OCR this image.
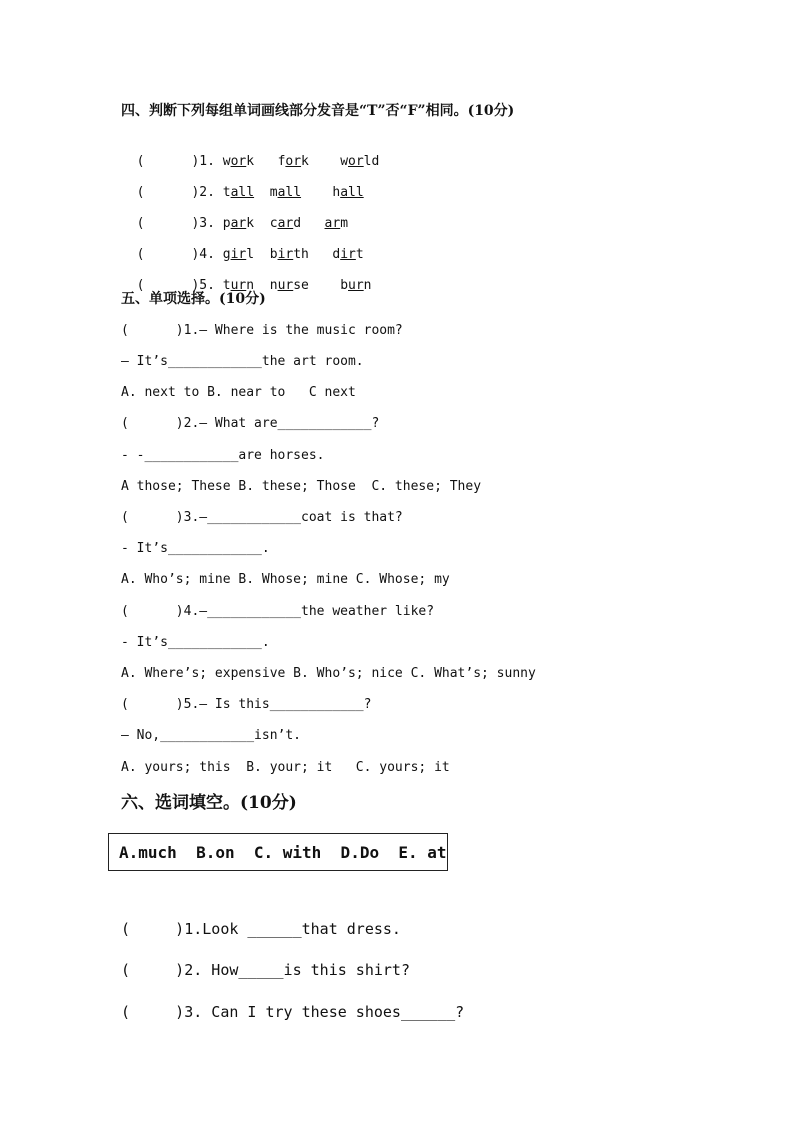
四、判断下列每组单词画线部分发音是“T”否“F”相同。(10分)

(      )1. work fork world

(      )2. tall mall hall

(      )3. park card arm

(      )4. girl birth dirt

(      )5. turn nurse burn

五、单项选择。(10分)
(      )1.— Where is the music room?
— It’s____________the art room.
A. next to B. near to   C next
(      )2.— What are____________?
- -____________are horses.
A those; These B. these; Those  C. these; They
(      )3.—____________coat is that?
- It’s____________.
A. Who’s; mine B. Whose; mine C. Whose; my
(      )4.—____________the weather like?
- It’s____________.
A. Where’s; expensive B. Who’s; nice C. What’s; sunny
(      )5.— Is this____________?
— No,____________isn’t.
A. yours; this  B. your; it   C. yours; it
六、选词填空。(10分)
A.much  B.on  C. with  D.Do  E. at
(     )1.Look ______that dress.
(     )2. How_____is this shirt?
(     )3. Can I try these shoes______?
